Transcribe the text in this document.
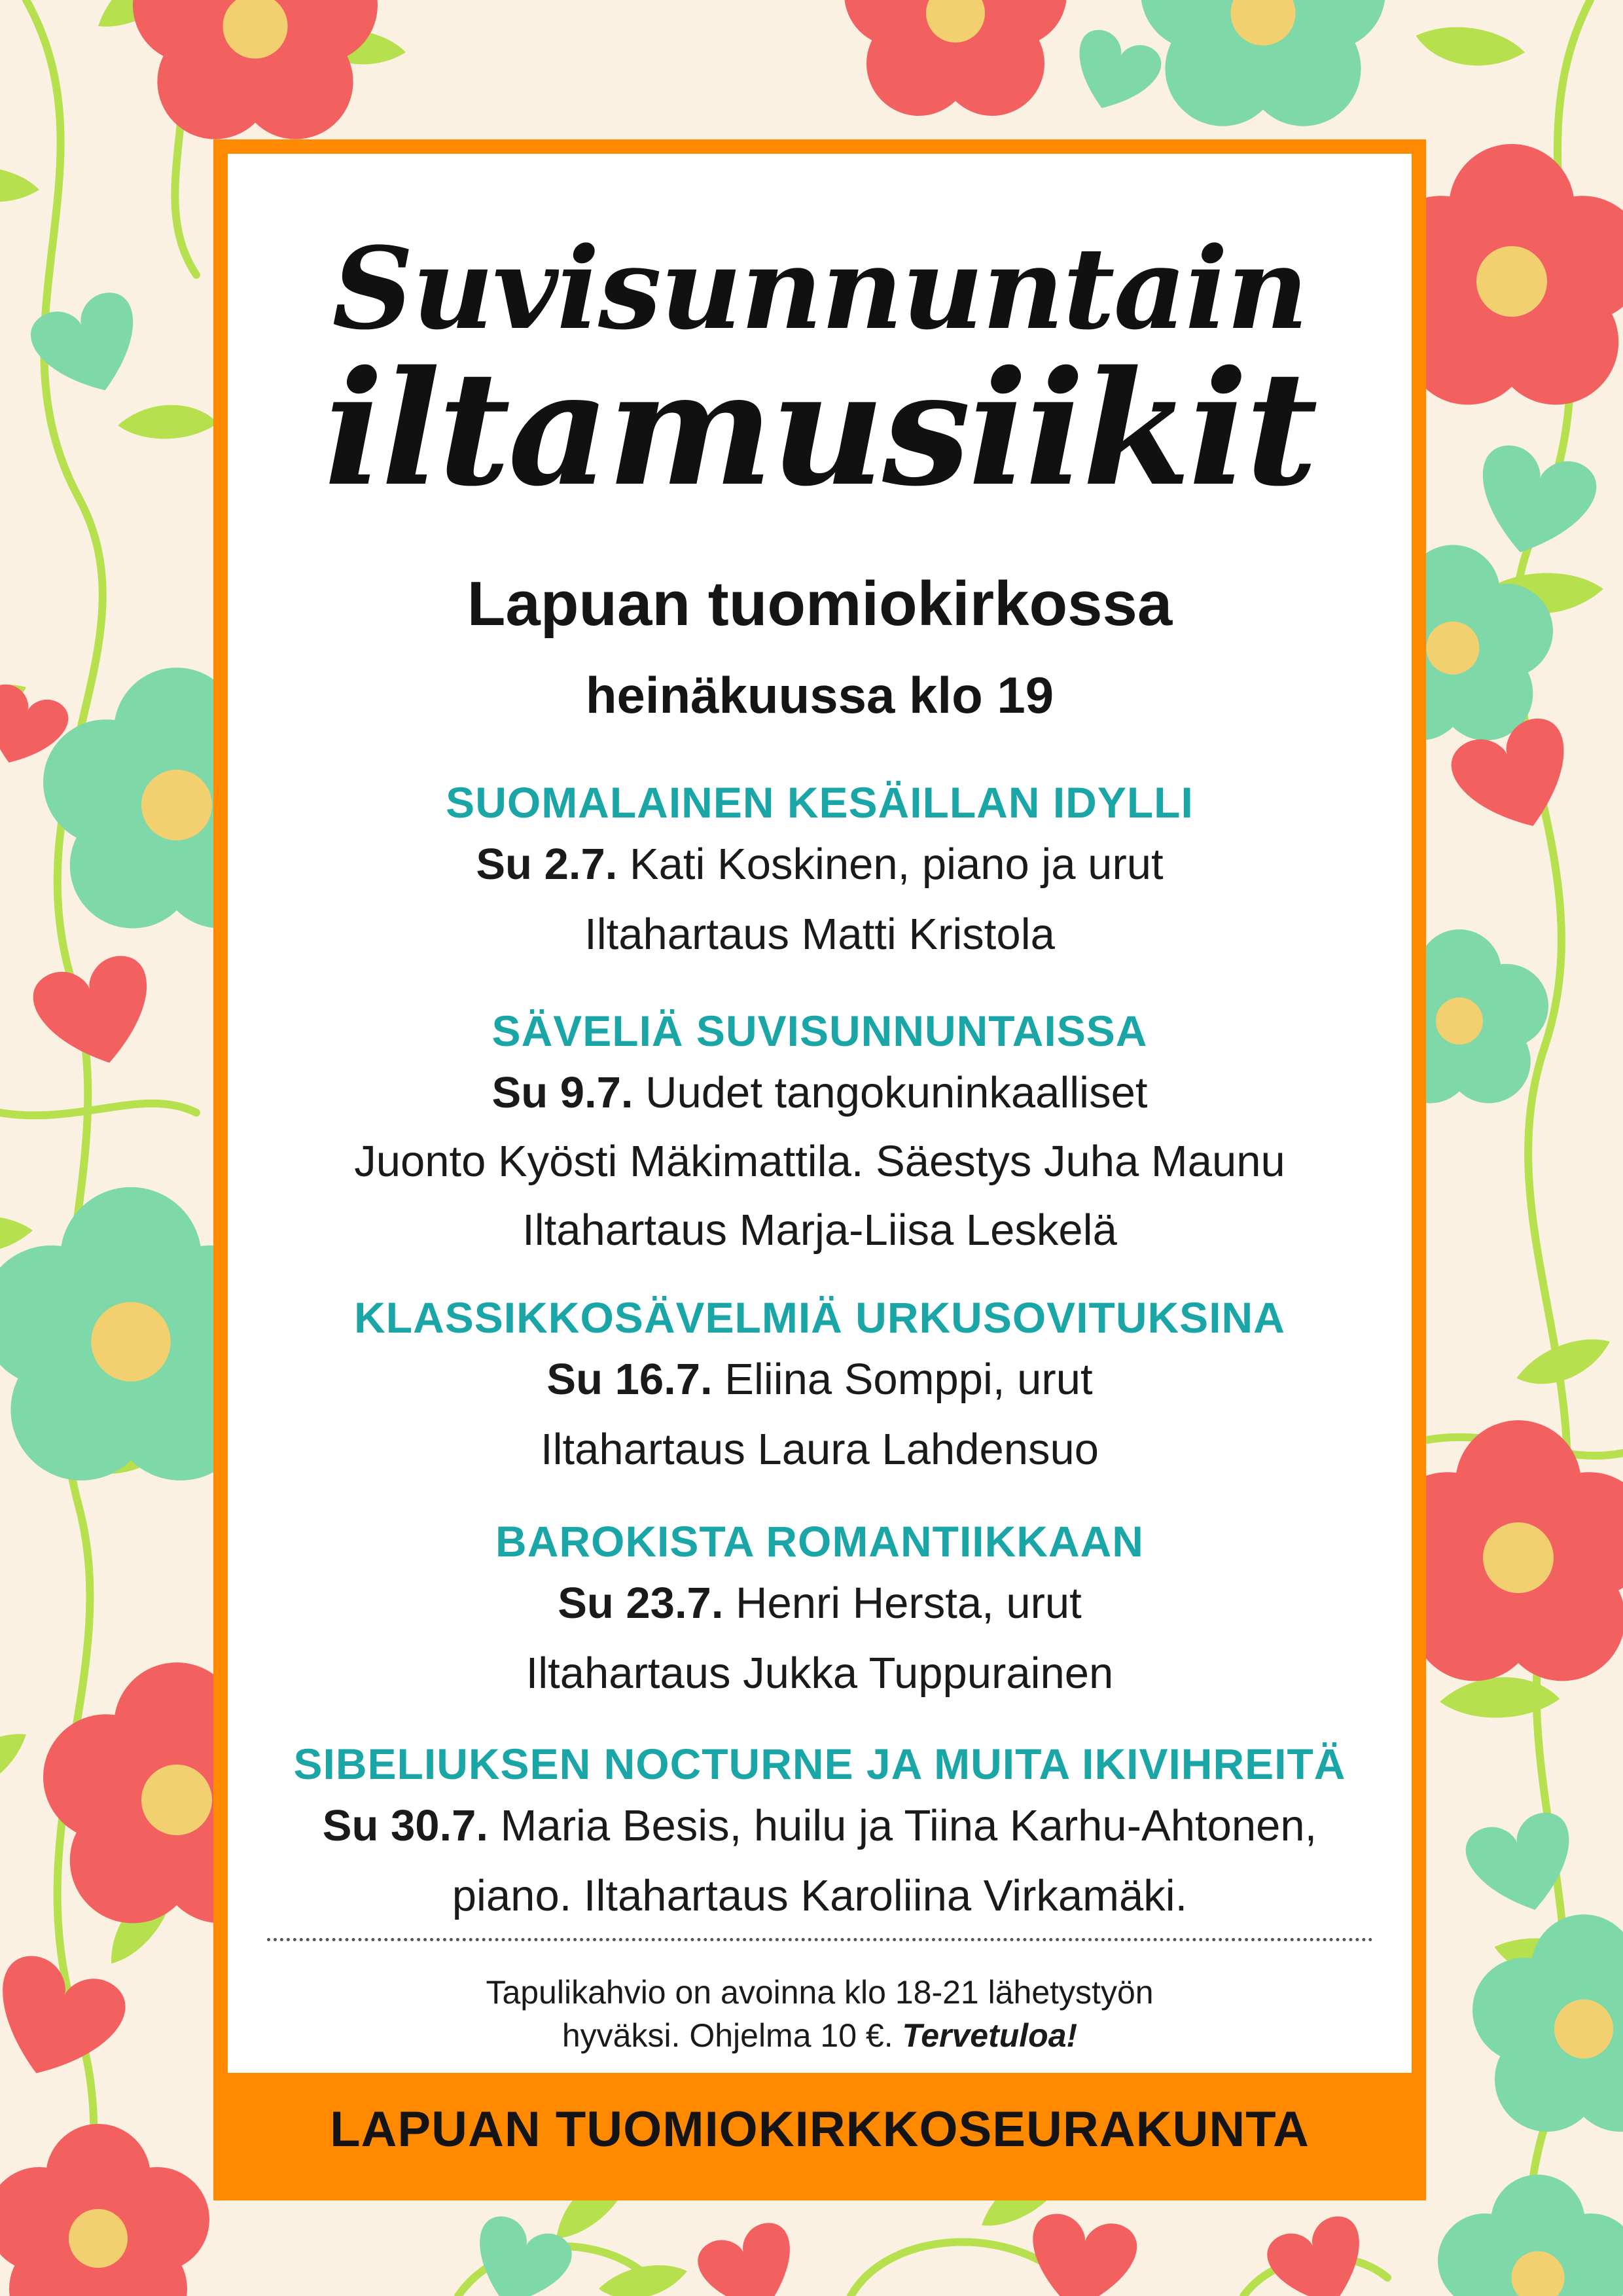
Suvisunnuntain
iltamusiikit
Lapuan tuomiokirkossa
heinäkuussa klo 19
SUOMALAINEN KESÄILLAN IDYLLI
Su 2.7. Kati Koskinen, piano ja urut
Iltahartaus Matti Kristola
SÄVELIÄ SUVISUNNUNTAISSA
Su 9.7. Uudet tangokuninkaalliset
Juonto Kyösti Mäkimattila. Säestys Juha Maunu
Iltahartaus Marja-Liisa Leskelä
KLASSIKKOSÄVELMIÄ URKUSOVITUKSINA
Su 16.7. Eliina Somppi, urut
Iltahartaus Laura Lahdensuo
BAROKISTA ROMANTIIKKAAN
Su 23.7. Henri Hersta, urut
Iltahartaus Jukka Tuppurainen
SIBELIUKSEN NOCTURNE JA MUITA IKIVIHREITÄ
Su 30.7. Maria Besis, huilu ja Tiina Karhu-Ahtonen,
piano. Iltahartaus Karoliina Virkamäki.
Tapulikahvio on avoinna klo 18-21 lähetystyön
hyväksi. Ohjelma 10 €. Tervetuloa!
LAPUAN TUOMIOKIRKKOSEURAKUNTA
